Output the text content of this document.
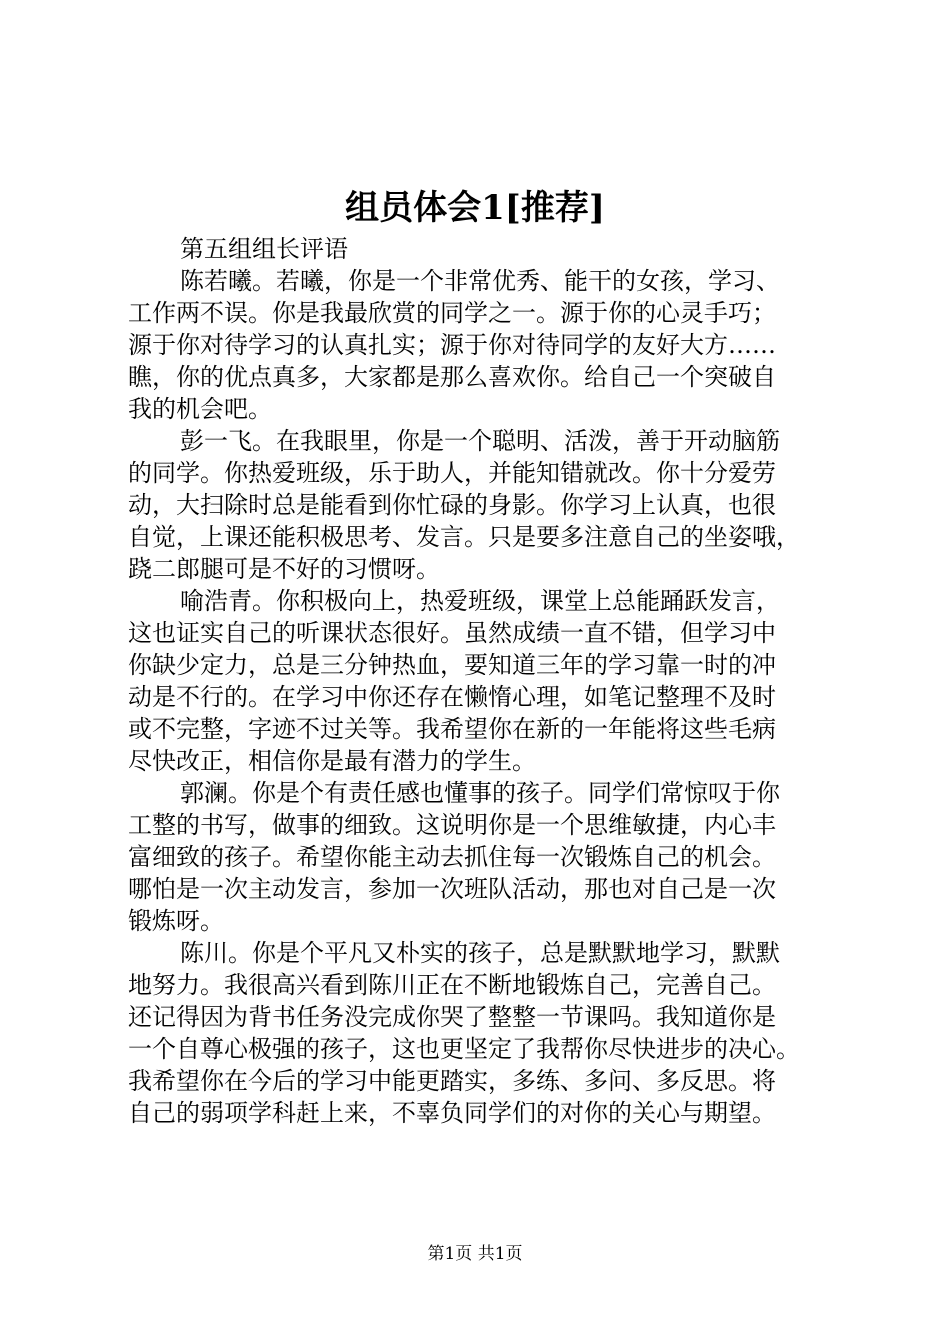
组员体会1[推荐]

第五组组长评语

陈若曦。若曦，你是一个非常优秀、能干的女孩，学习、
工作两不误。你是我最欣赏的同学之一。源于你的心灵手巧；
源于你对待学习的认真扎实；源于你对待同学的友好大方……
瞧，你的优点真多，大家都是那么喜欢你。给自己一个突破自
我的机会吧。
彭一飞。在我眼里，你是一个聪明、活泼，善于开动脑筋
的同学。你热爱班级，乐于助人，并能知错就改。你十分爱劳
动，大扫除时总是能看到你忙碌的身影。你学习上认真，也很
自觉，上课还能积极思考、发言。只是要多注意自己的坐姿哦，
跷二郎腿可是不好的习惯呀。
喻浩青。你积极向上，热爱班级，课堂上总能踊跃发言，
这也证实自己的听课状态很好。虽然成绩一直不错，但学习中
你缺少定力，总是三分钟热血，要知道三年的学习靠一时的冲
动是不行的。在学习中你还存在懒惰心理，如笔记整理不及时
或不完整，字迹不过关等。我希望你在新的一年能将这些毛病
尽快改正，相信你是最有潜力的学生。
郭澜。你是个有责任感也懂事的孩子。同学们常惊叹于你
工整的书写，做事的细致。这说明你是一个思维敏捷，内心丰
富细致的孩子。希望你能主动去抓住每一次锻炼自己的机会。
哪怕是一次主动发言，参加一次班队活动，那也对自己是一次
锻炼呀。
陈川。你是个平凡又朴实的孩子，总是默默地学习，默默
地努力。我很高兴看到陈川正在不断地锻炼自己，完善自己。
还记得因为背书任务没完成你哭了整整一节课吗。我知道你是
一个自尊心极强的孩子，这也更坚定了我帮你尽快进步的决心。
我希望你在今后的学习中能更踏实，多练、多问、多反思。将
自己的弱项学科赶上来，不辜负同学们的对你的关心与期望。
第1页 共1页
